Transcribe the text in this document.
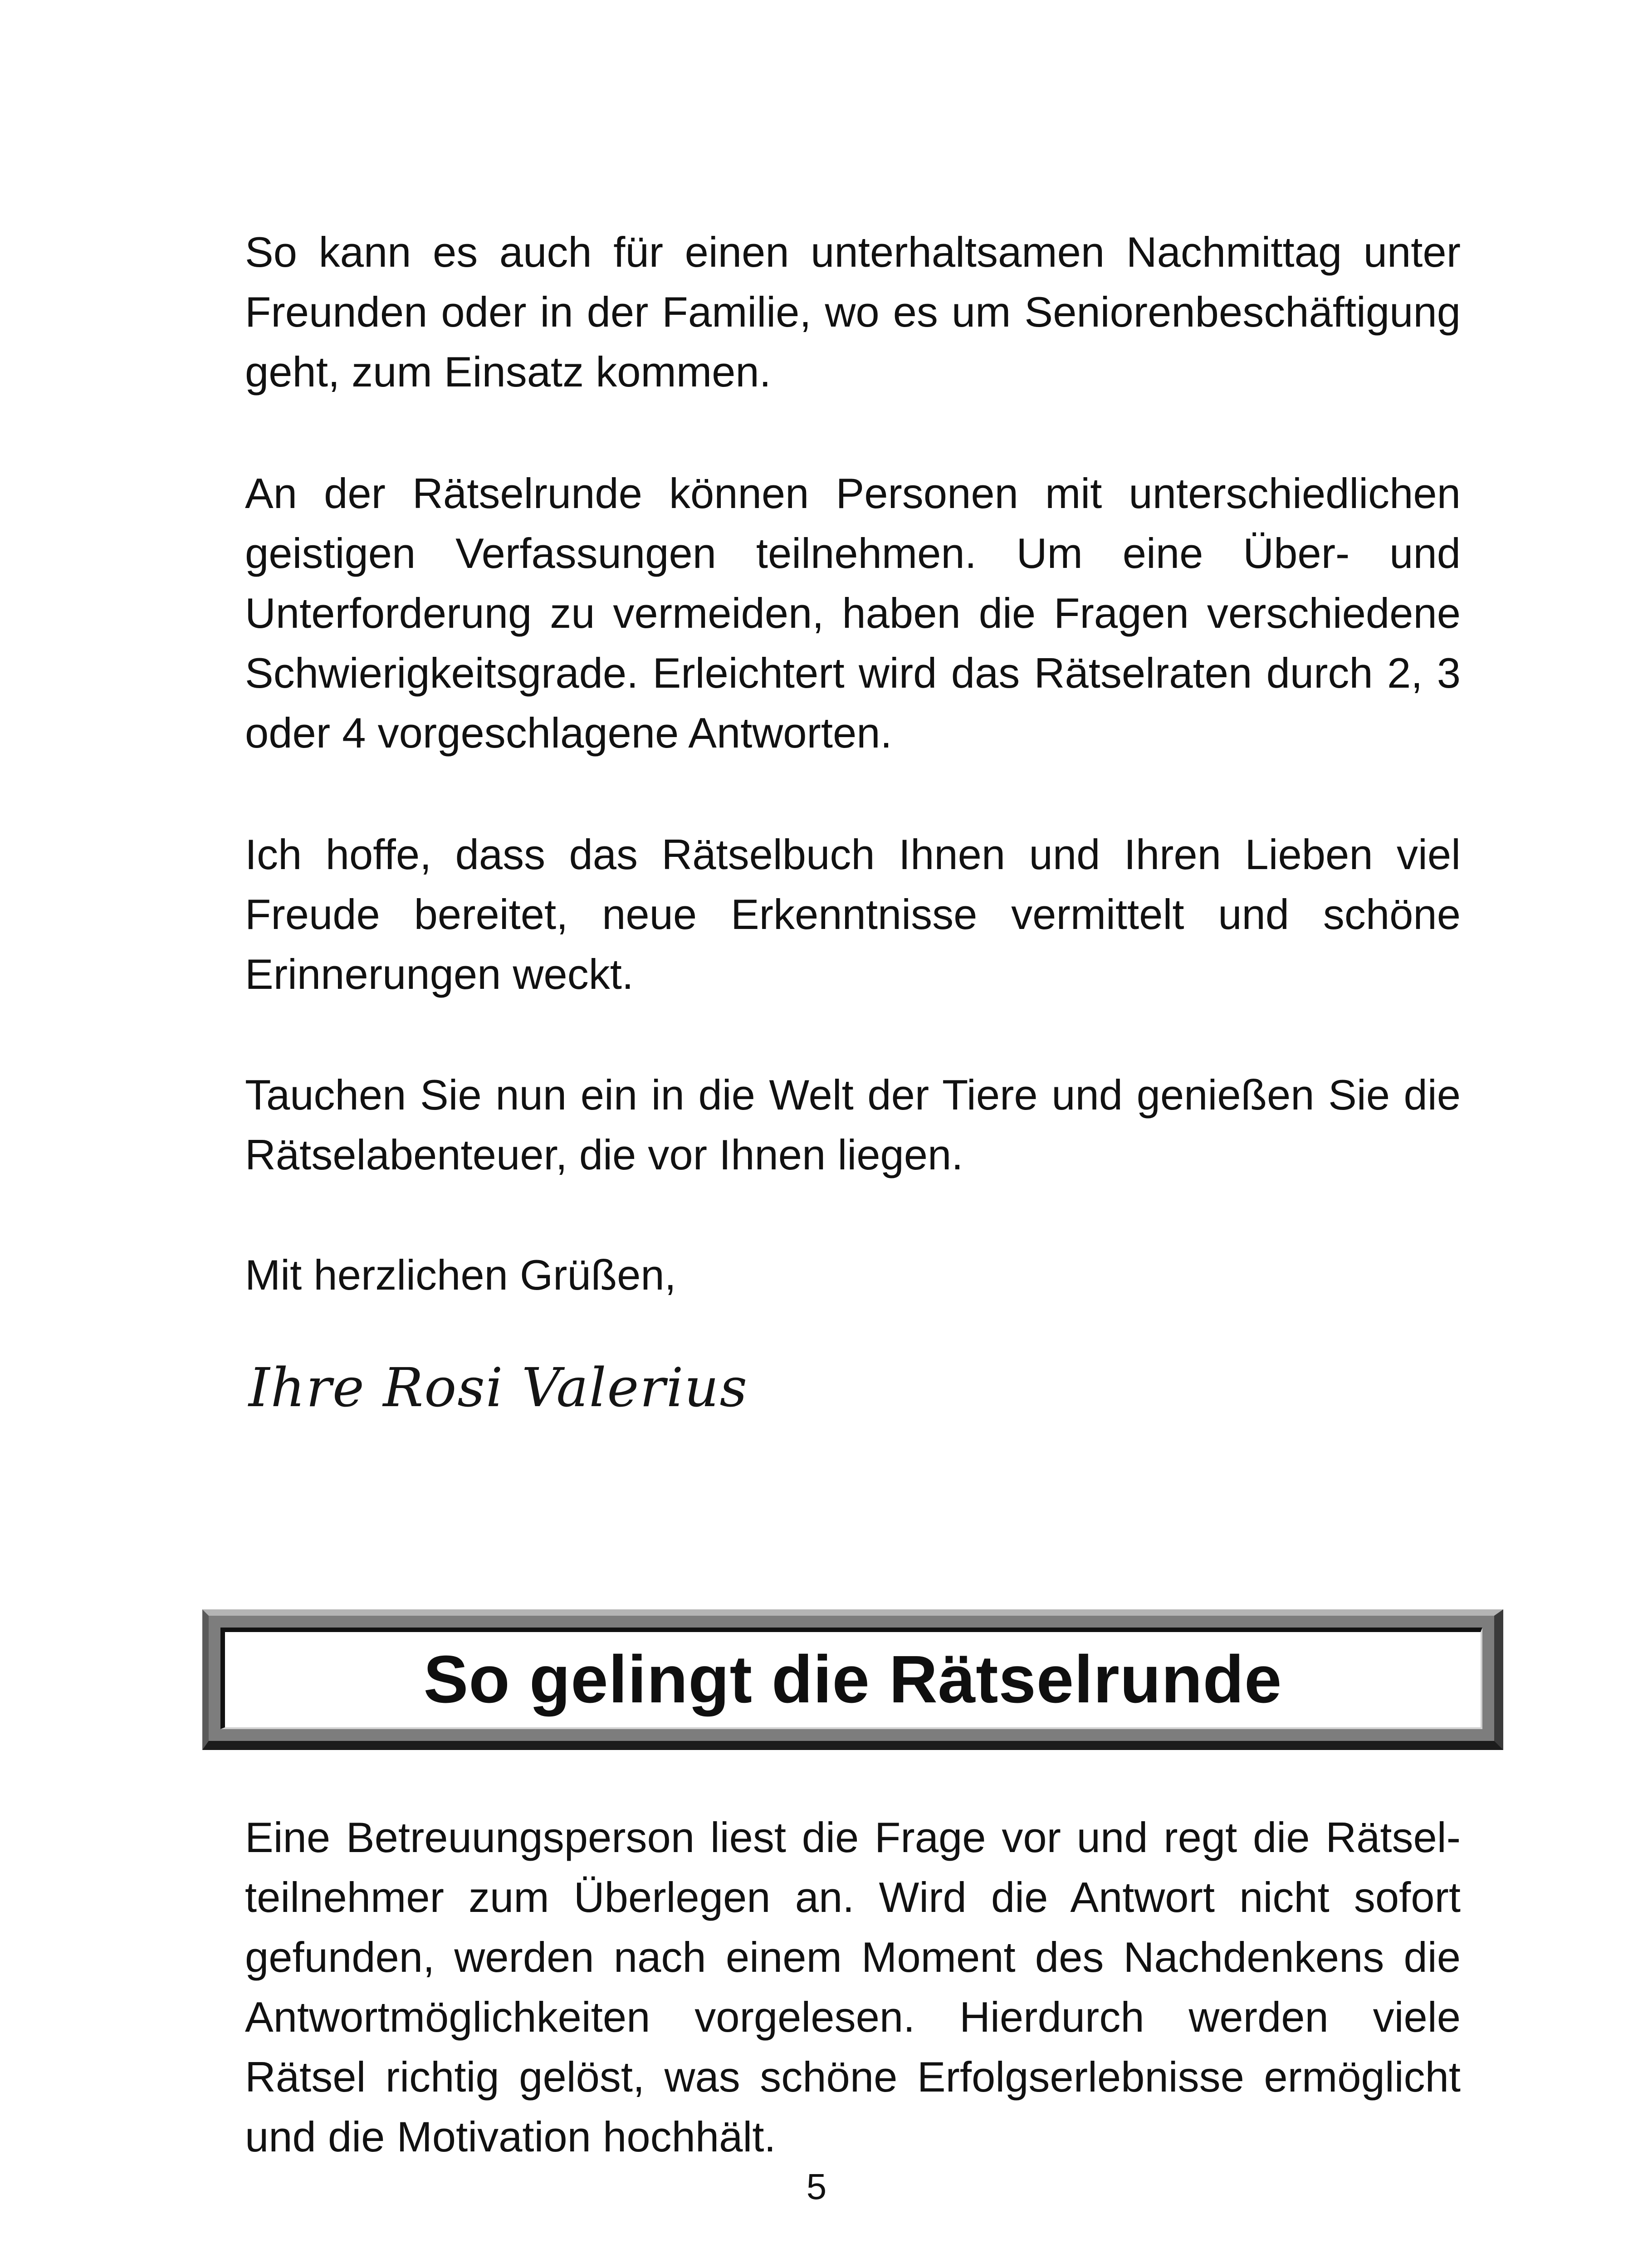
So kann es auch für einen unterhaltsamen Nachmittag unter Freunden oder in der Familie, wo es um Seniorenbeschäftigung geht, zum Einsatz kommen.

An der Rätselrunde können Personen mit unterschiedlichen geistigen Verfassungen teilnehmen. Um eine Über- und Unterforderung zu vermeiden, haben die Fragen verschiedene Schwierigkeitsgrade. Erleichtert wird das Rätselraten durch 2, 3 oder 4 vorgeschlagene Antworten.

Ich hoffe, dass das Rätselbuch Ihnen und Ihren Lieben viel Freude bereitet, neue Erkenntnisse vermittelt und schöne Erinnerungen weckt.

Tauchen Sie nun ein in die Welt der Tiere und genießen Sie die Rätselabenteuer, die vor Ihnen liegen.

Mit herzlichen Grüßen,

Ihre Rosi Valerius
So gelingt die Rätselrunde

Eine Betreuungsperson liest die Frage vor und regt die Rätselteilnehmer zum Überlegen an. Wird die Antwort nicht sofort gefunden, werden nach einem Moment des Nachdenkens die Antwortmöglichkeiten vorgelesen. Hierdurch werden viele Rätsel richtig gelöst, was schöne Erfolgserlebnisse ermöglicht und die Motivation hochhält.

5
